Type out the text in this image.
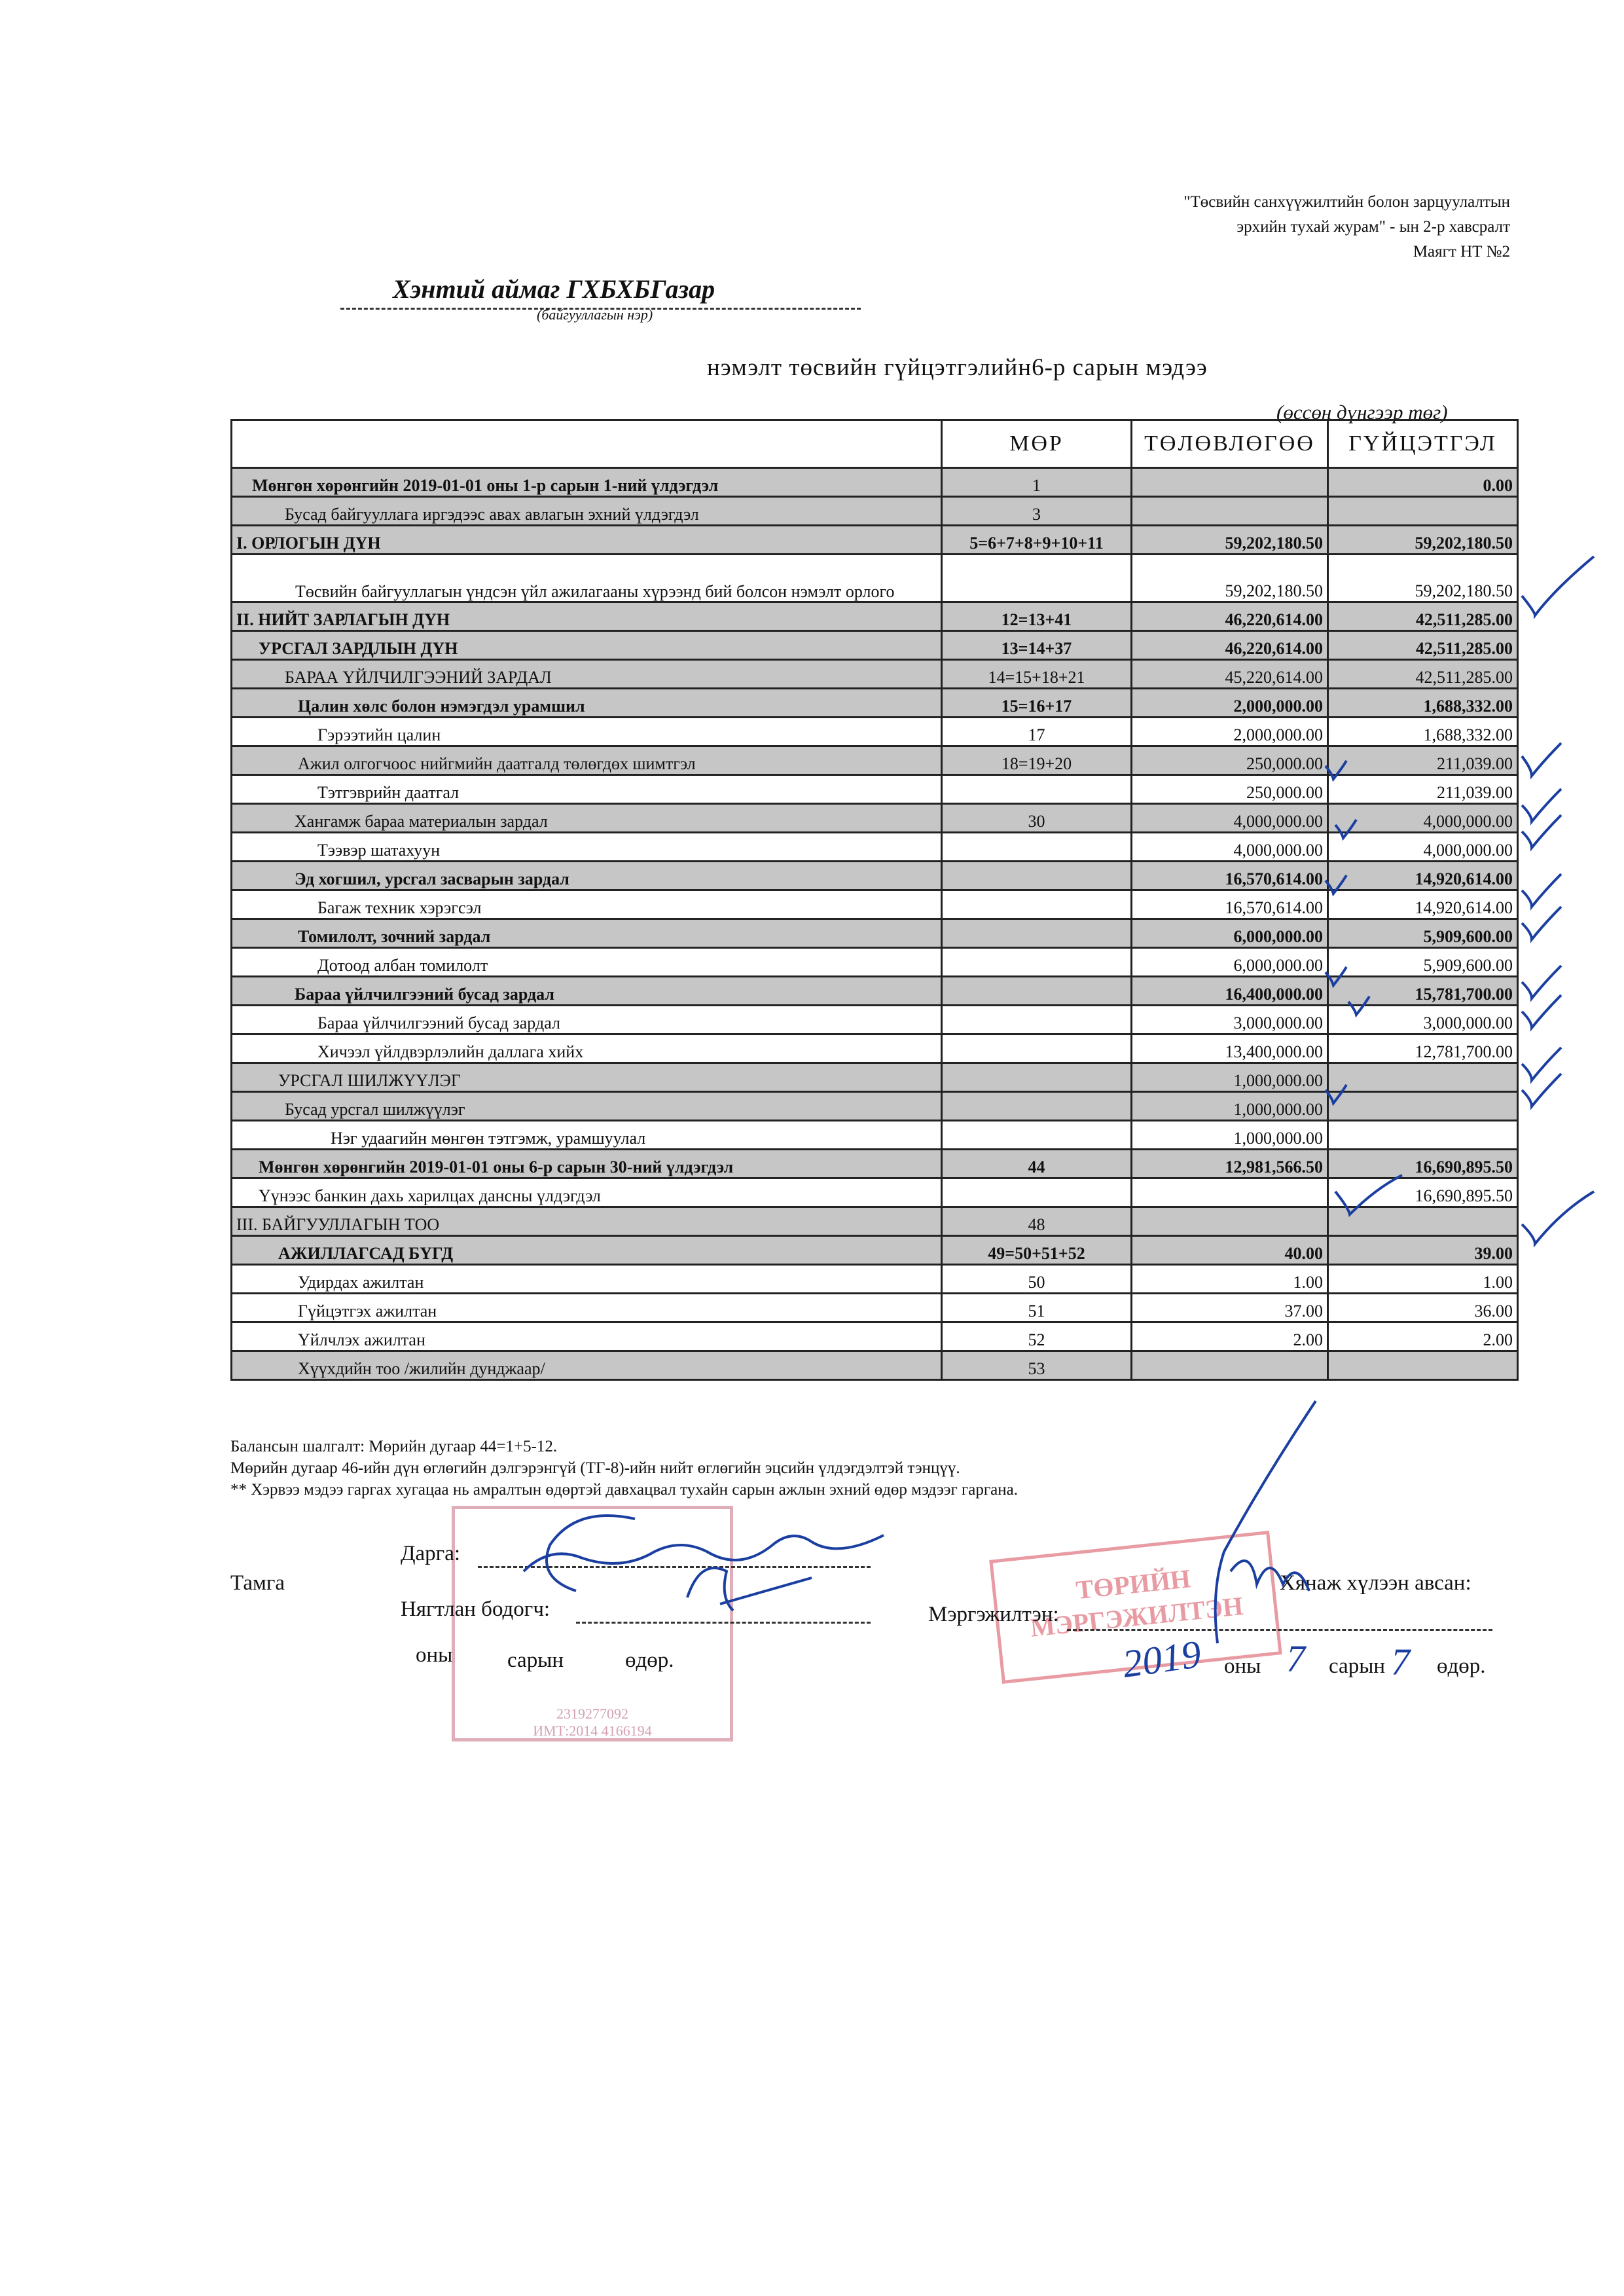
"Төсвийн санхүүжилтийн болон зарцуулалтын
эрхийн тухай журам" - ын 2-р хавсралт
Маягт НТ №2
Хэнтий аймаг ГХБХБГазар
(байгууллагын нэр)
нэмэлт төсвийн гүйцэтгэлийн6-р сарын мэдээ
(өссөн дүнгээр төг)
	МӨР	ТӨЛӨВЛӨГӨӨ	ГҮЙЦЭТГЭЛ
Мөнгөн хөрөнгийн 2019-01-01 оны 1-р сарын 1-ний үлдэгдэл	1		0.00
Бусад байгууллага иргэдээс авах авлагын эхний үлдэгдэл	3		
I. ОРЛОГЫН ДҮН	5=6+7+8+9+10+11	59,202,180.50	59,202,180.50
Төсвийн байгууллагын үндсэн үйл ажилагааны хүрээнд бий болсон нэмэлт орлого		59,202,180.50	59,202,180.50
II. НИЙТ ЗАРЛАГЫН ДҮН	12=13+41	46,220,614.00	42,511,285.00
УРСГАЛ ЗАРДЛЫН ДҮН	13=14+37	46,220,614.00	42,511,285.00
БАРАА ҮЙЛЧИЛГЭЭНИЙ ЗАРДАЛ	14=15+18+21	45,220,614.00	42,511,285.00
Цалин хөлс болон нэмэгдэл урамшил	15=16+17	2,000,000.00	1,688,332.00
Гэрээтийн цалин	17	2,000,000.00	1,688,332.00
Ажил олгогчоос нийгмийн даатгалд төлөгдөх шимтгэл	18=19+20	250,000.00	211,039.00
Тэтгэврийн даатгал		250,000.00	211,039.00
Хангамж бараа материалын зардал	30	4,000,000.00	4,000,000.00
Тээвэр шатахуун		4,000,000.00	4,000,000.00
Эд хогшил, урсгал засварын зардал		16,570,614.00	14,920,614.00
Багаж техник хэрэгсэл		16,570,614.00	14,920,614.00
Томилолт, зочний зардал		6,000,000.00	5,909,600.00
Дотоод албан томилолт		6,000,000.00	5,909,600.00
Бараа үйлчилгээний бусад зардал		16,400,000.00	15,781,700.00
Бараа үйлчилгээний бусад зардал		3,000,000.00	3,000,000.00
Хичээл үйлдвэрлэлийн даллага хийх		13,400,000.00	12,781,700.00
УРСГАЛ ШИЛЖҮҮЛЭГ		1,000,000.00	
Бусад урсгал шилжүүлэг		1,000,000.00	
Нэг удаагийн мөнгөн тэтгэмж, урамшуулал		1,000,000.00	
Мөнгөн хөрөнгийн 2019-01-01 оны 6-р сарын 30-ний үлдэгдэл	44	12,981,566.50	16,690,895.50
Үүнээс банкин дахь харилцах дансны үлдэгдэл			16,690,895.50
III. БАЙГУУЛЛАГЫН ТОО	48		
АЖИЛЛАГСАД БҮГД	49=50+51+52	40.00	39.00
Удирдах ажилтан	50	1.00	1.00
Гүйцэтгэх ажилтан	51	37.00	36.00
Үйлчлэх ажилтан	52	2.00	2.00
Хүүхдийн тоо /жилийн дунджаар/	53		
Балансын шалгалт: Мөрийн дугаар 44=1+5-12.
Мөрийн дугаар 46-ийн дүн өглөгийн дэлгэрэнгүй (ТГ-8)-ийн нийт өглөгийн эцсийн үлдэгдэлтэй тэнцүү.
** Хэрвээ мэдээ гаргах хугацаа нь амралтын өдөртэй давхацвал тухайн сарын ажлын эхний өдөр мэдээг гаргана.
2319277092
ИМТ:2014 4166194
ТӨРИЙН
МЭРГЭЖИЛТЭН
Тамга
Дарга:
Нягтлан бодогч:
оны	сарын	өдөр.
Хянаж хүлээн авсан:
Мэргэжилтэн:
оны	сарын өдөр.
2019 7 7
